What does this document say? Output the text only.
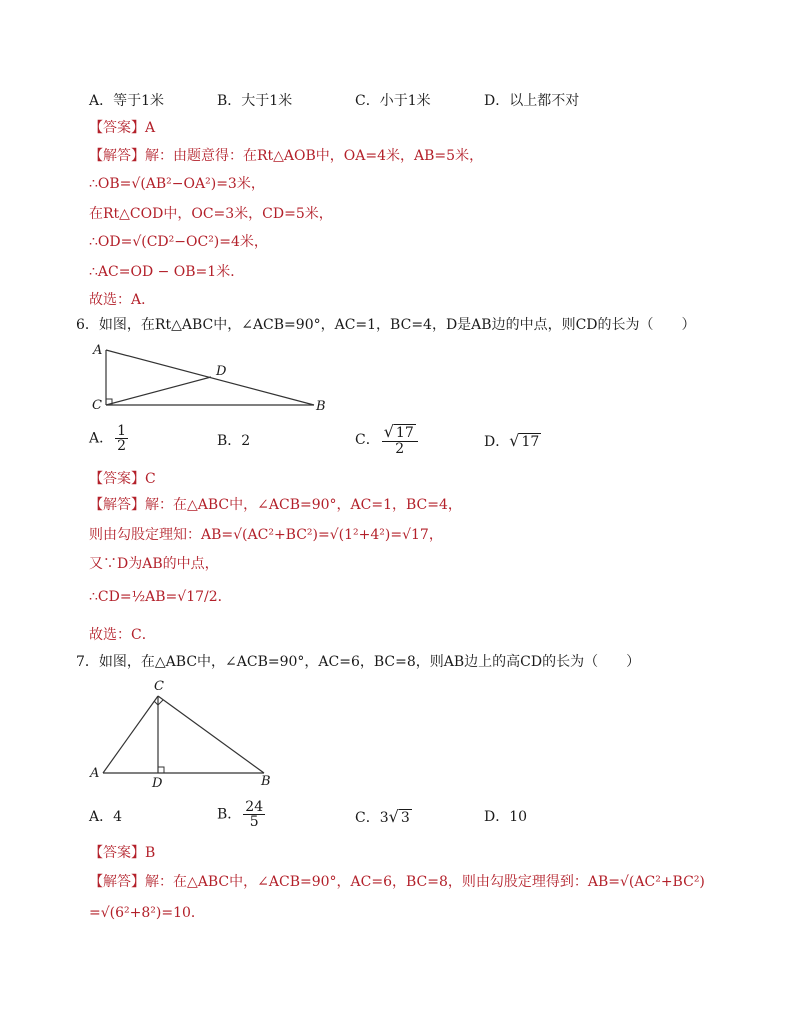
A．等于1米	B．大于1米	C．小于1米	D．以上都不对
【答案】A
【解答】解：由题意得：在Rt△AOB中，OA=4米，AB=5米，
∴OB=√(AB²−OA²)=3米，
在Rt△COD中，OC=3米，CD=5米，
∴OD=√(CD²−OC²)=4米，
∴AC=OD − OB=1米．
故选：A．
6．如图，在Rt△ABC中，∠ACB=90°，AC=1，BC=4，D是AB边的中点，则CD的长为（　　）
A
C
D
B
A． $\frac{1}{2}$	B．2	C． $\frac{√ 17}{2}$	D．√ 17
【答案】C
【解答】解：在△ABC中，∠ACB=90°，AC=1，BC=4，
则由勾股定理知：AB=√(AC²+BC²)=√(1²+4²)=√17，
又∵D为AB的中点，
∴CD=½AB=√17/2．
故选：C．
7．如图，在△ABC中，∠ACB=90°，AC=6，BC=8，则AB边上的高CD的长为（　　）
C
A
D	B
A．4	B． $\frac{24}{5}$	C．3√ 3	D．10
【答案】B
【解答】解：在△ABC中，∠ACB=90°，AC=6，BC=8，则由勾股定理得到：AB=√(AC²+BC²)
=√(6²+8²)=10．
